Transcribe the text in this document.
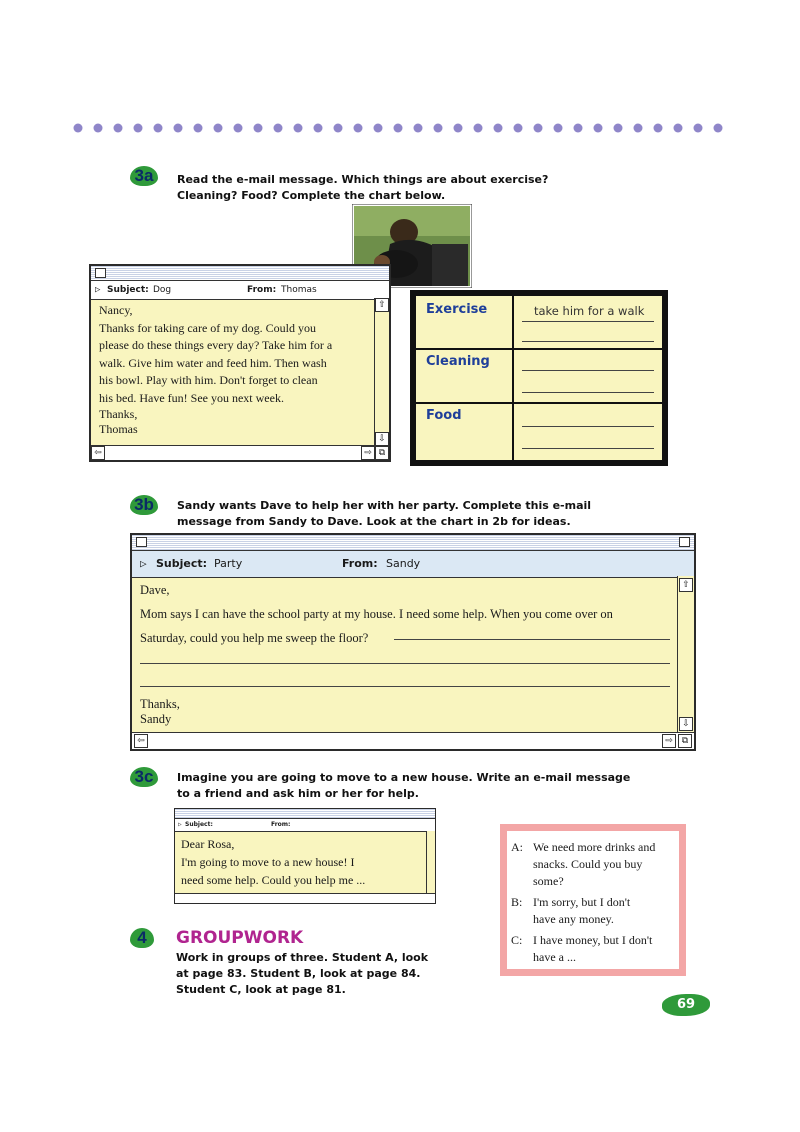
3a	Read the e-mail message. Which things are about exercise?
Cleaning? Food? Complete the chart below.
▷ Subject: Dog	From: Thomas
Nancy,
Thanks for taking care of my dog. Could you
please do these things every day? Take him for a
walk. Give him water and feed him. Then wash
his bowl. Play with him. Don't forget to clean
his bed. Have fun! See you next week.
Thanks,
Thomas
⇧
⇩
⇦	⇨ ⧉
Exercise	take him for a walk
Cleaning
Food
3b	Sandy wants Dave to help her with her party. Complete this e-mail
message from Sandy to Dave. Look at the chart in 2b for ideas.
▷ Subject: Party	From: Sandy
Dave,
Mom says I can have the school party at my house. I need some help. When you come over on
Saturday, could you help me sweep the floor?
Thanks,
Sandy
⇧
⇩
⇦	⇨	⧉
3c	Imagine you are going to move to a new house. Write an e-mail message
to a friend and ask him or her for help.
▷ Subject:	From:
Dear Rosa,
I'm going to move to a new house! I
need some help. Could you help me ...
A: We need more drinks and
snacks. Could you buy
some?
B: I'm sorry, but I don't
have any money.
C: I have money, but I don't
have a ...
4	GROUPWORK
Work in groups of three. Student A, look
at page 83. Student B, look at page 84.
Student C, look at page 81.
69
